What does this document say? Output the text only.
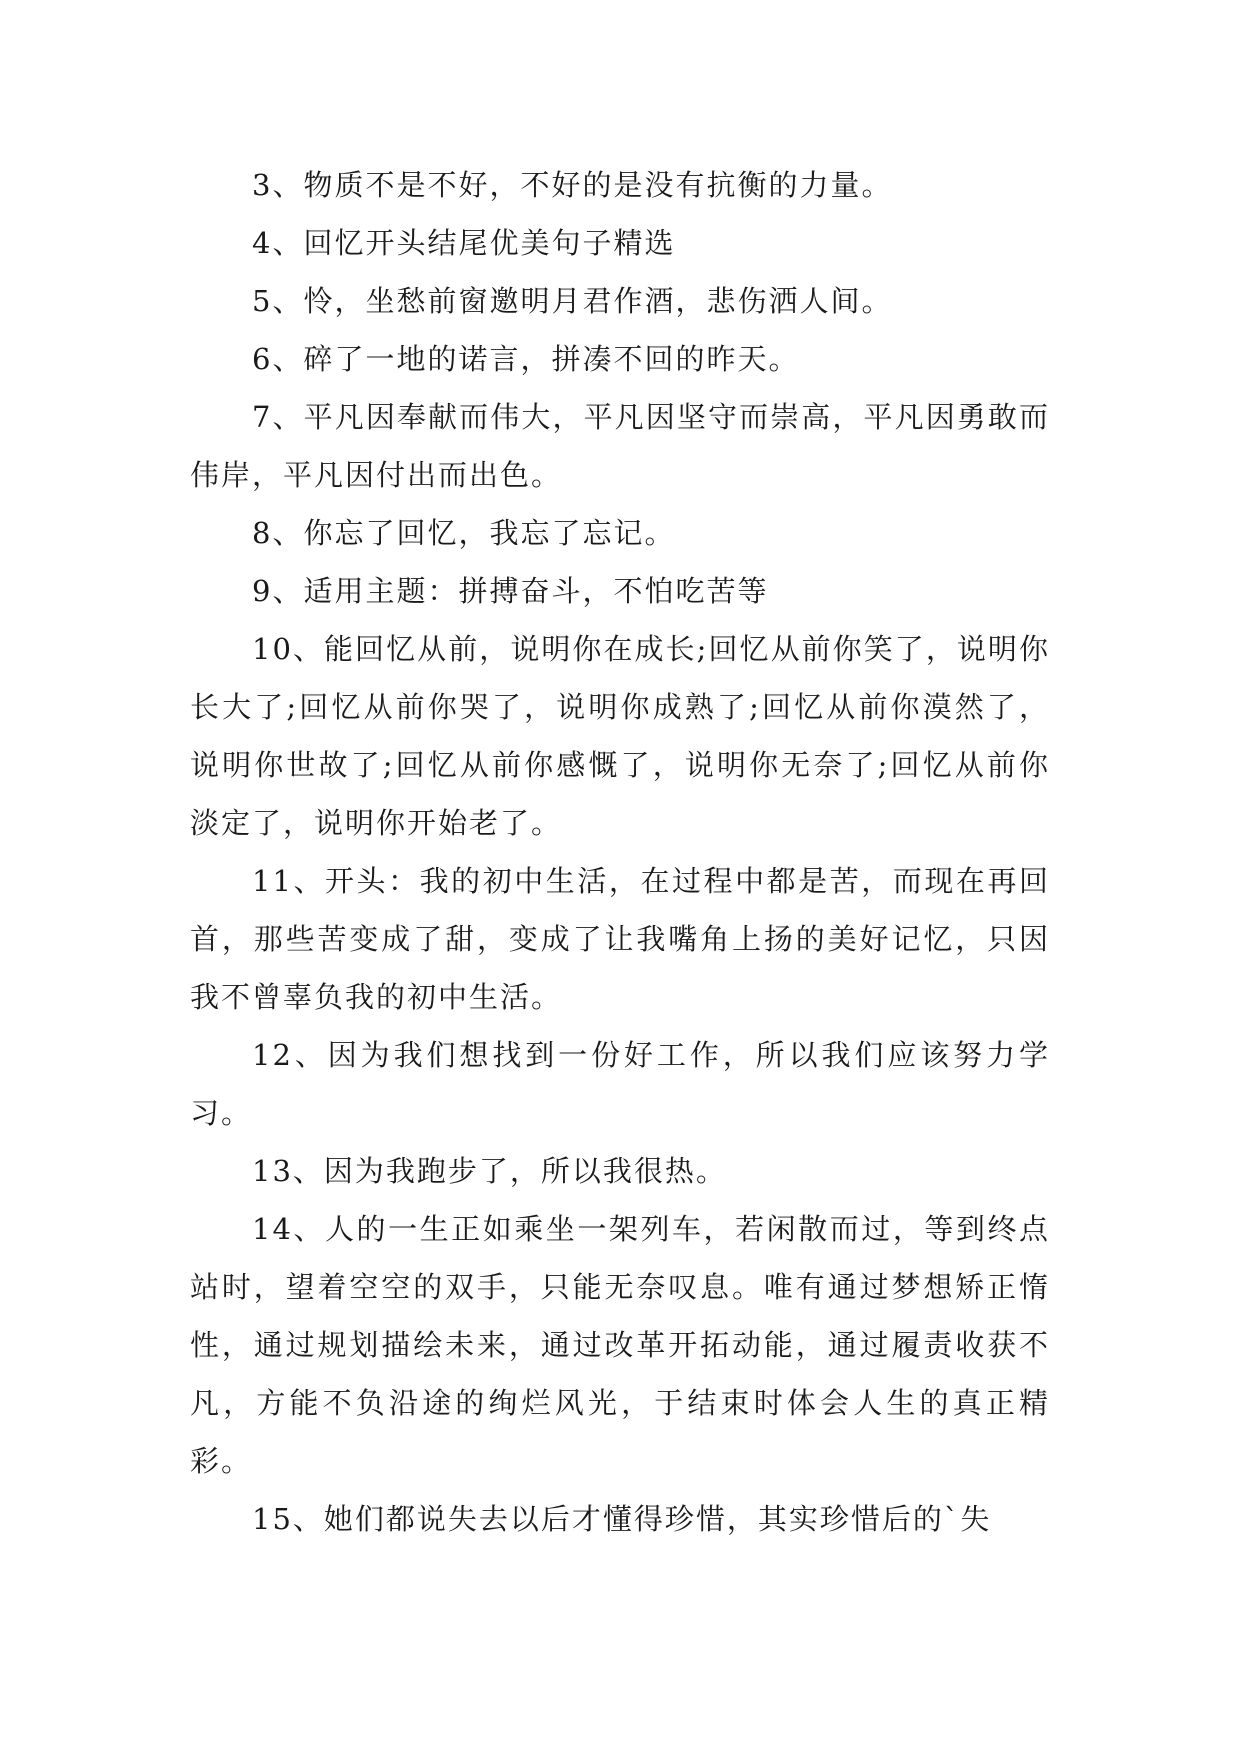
3、物质不是不好，不好的是没有抗衡的力量。

4、回忆开头结尾优美句子精选

5、怜，坐愁前窗邀明月君作酒，悲伤洒人间。

6、碎了一地的诺言，拼凑不回的昨天。

7、平凡因奉献而伟大，平凡因坚守而崇高，平凡因勇敢而伟岸，平凡因付出而出色。

8、你忘了回忆，我忘了忘记。

9、适用主题：拼搏奋斗，不怕吃苦等

10、能回忆从前，说明你在成长;回忆从前你笑了，说明你长大了;回忆从前你哭了，说明你成熟了;回忆从前你漠然了，说明你世故了;回忆从前你感慨了，说明你无奈了;回忆从前你淡定了，说明你开始老了。

11、开头：我的初中生活，在过程中都是苦，而现在再回首，那些苦变成了甜，变成了让我嘴角上扬的美好记忆，只因我不曾辜负我的初中生活。

12、因为我们想找到一份好工作，所以我们应该努力学习。

13、因为我跑步了，所以我很热。

14、人的一生正如乘坐一架列车，若闲散而过，等到终点站时，望着空空的双手，只能无奈叹息。唯有通过梦想矫正惰性，通过规划描绘未来，通过改革开拓动能，通过履责收获不凡，方能不负沿途的绚烂风光，于结束时体会人生的真正精彩。

15、她们都说失去以后才懂得珍惜，其实珍惜后的`失
